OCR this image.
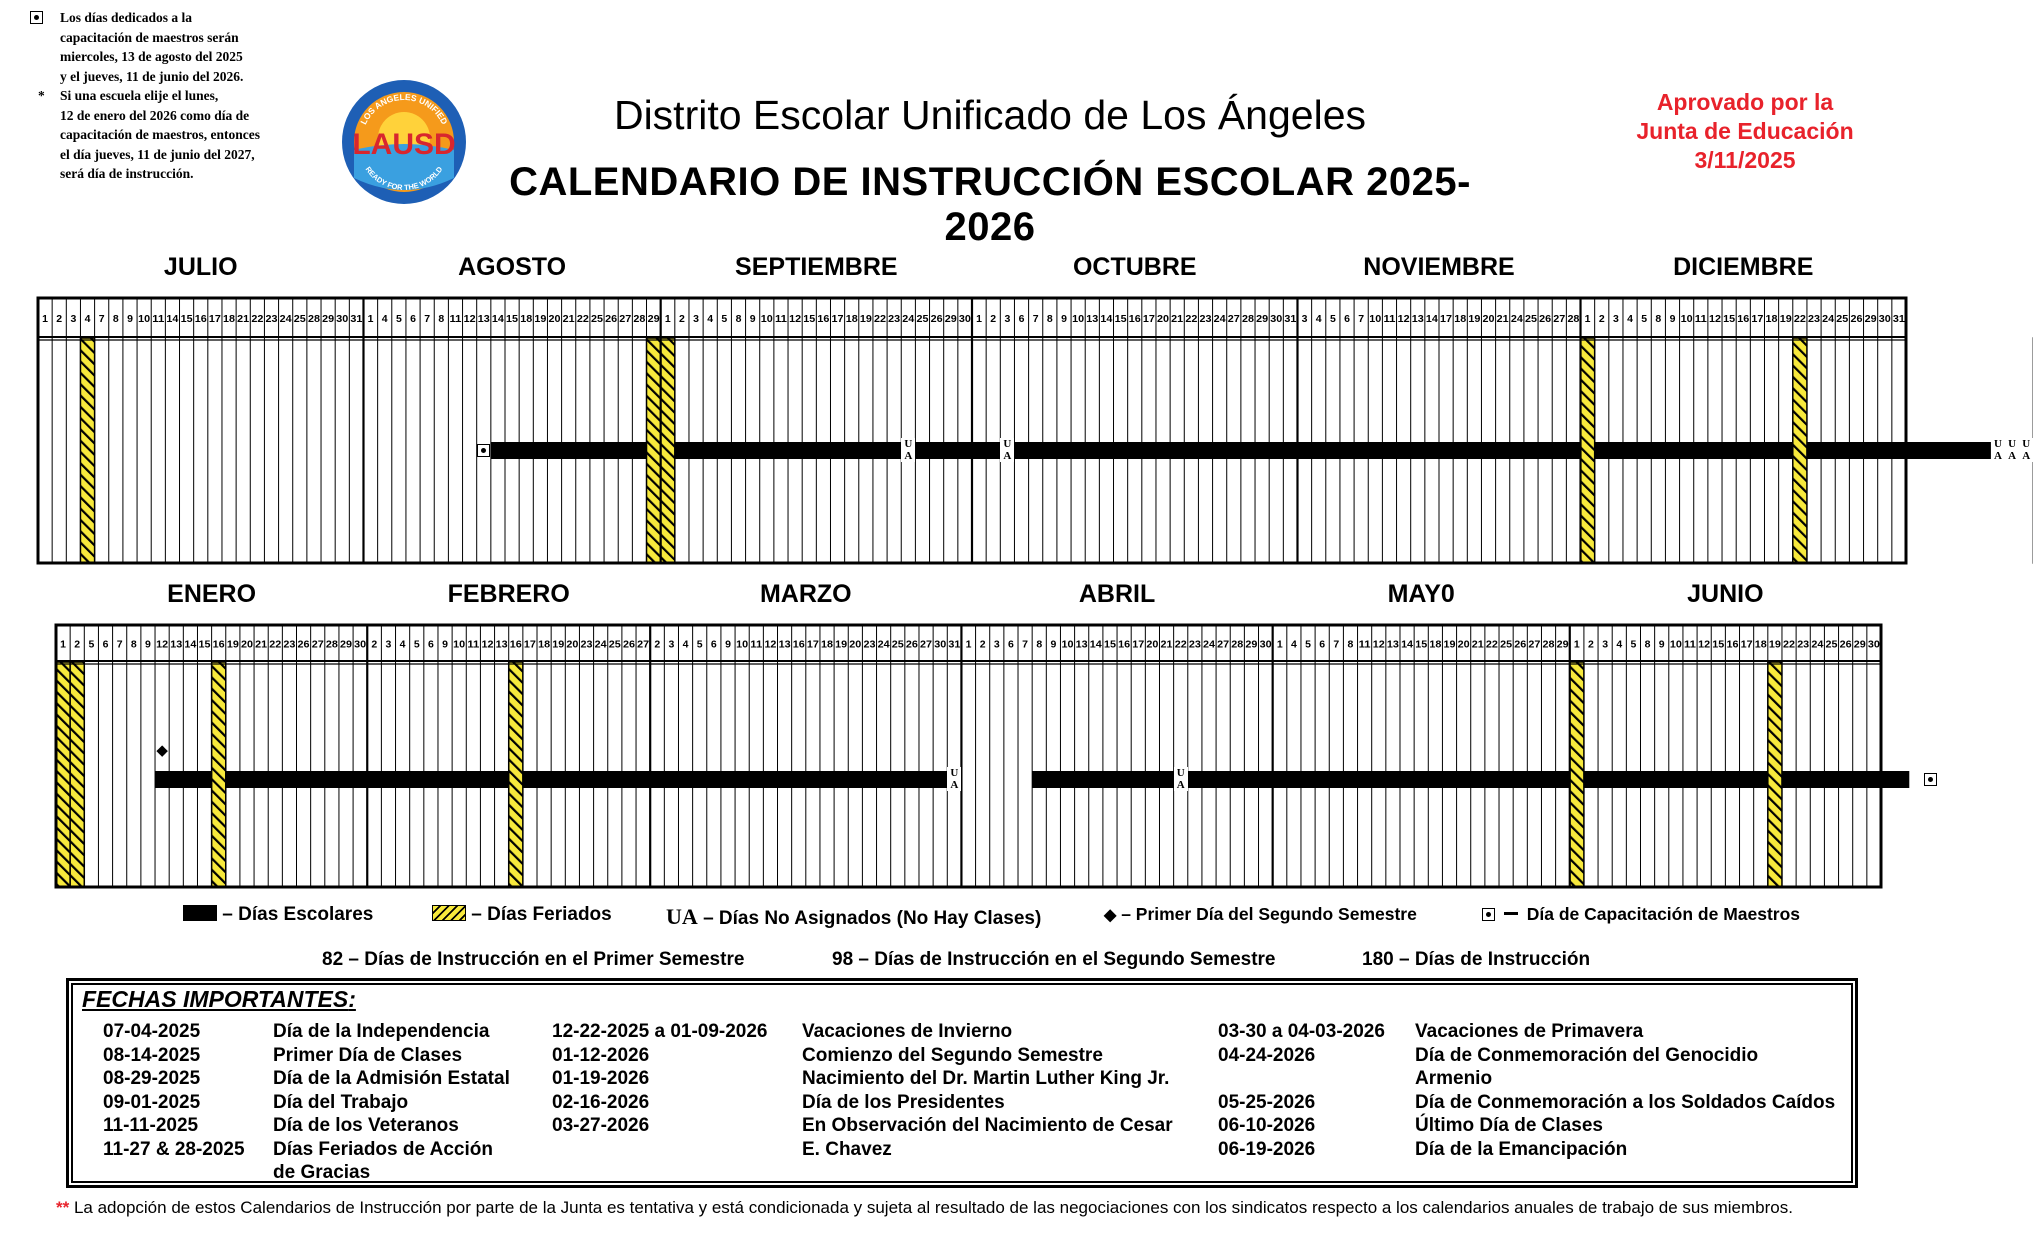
Los días dedicados a la
capacitación de maestros serán
miercoles, 13 de agosto del 2025
y el jueves, 11 de junio del 2026.
* Si una escuela elije el lunes,
12 de enero del 2026 como día de
capacitación de maestros, entonces
el día jueves, 11 de junio del 2027,
será día de instrucción.
LAUSD
LOS ANGELES UNIFIED
READY FOR THE WORLD
Distrito Escolar Unificado de Los Ángeles
CALENDARIO DE INSTRUCCIÓN ESCOLAR 2025-2026
Aprovado por la
Junta de Educación
3/11/2025
JULIO	AGOSTO	SEPTIEMBRE	OCTUBRE	NOVIEMBRE	DICIEMBRE
1 2 3 4 7 8 9 10 11 14 15 16 17 18 21 22 23 24 25 28 29 30 31 1 4 5 6 7 8 11 12 13 14 15 18 19 20 21 22 25 26 27 28 29 1 2 3 4 5 8 9 10 11 12 15 16 17 18 19 22 23 24 25 26 29 30 1 2 3 6 7 8 9 10 13 14 15 16 17 20 21 22 23 24 27 28 29 30 31 3 4 5 6 7 10 11 12 13 14 17 18 19 20 21 24 25 26 27 28 1 2 3 4 5 8 9 10 11 12 15 16 17 18 19 22 23 24 25 26 29 30 31
U
A
U
A
U
A
U
A
U
A
ENERO	FEBRERO	MARZO	ABRIL	MAY0	JUNIO
1 2 5 6 7 8 9 12 13 14 15 16 19 20 21 22 23 26 27 28 29 30 2 3 4 5 6 9 10 11 12 13 16 17 18 19 20 23 24 25 26 27 2 3 4 5 6 9 10 11 12 13 16 17 18 19 20 23 24 25 26 27 30 31 1 2 3 6 7 8 9 10 13 14 15 16 17 20 21 22 23 24 27 28 29 30 1 4 5 6 7 8 11 12 13 14 15 18 19 20 21 22 25 26 27 28 29 1 2 3 4 5 8 9 10 11 12 15 16 17 18 19 22 23 24 25 26 29 30
U
A
U
A
◆
– Días Escolares	– Días Feriados UA – Días No Asignados (No Hay Clases)	◆ – Primer Día del Segundo Semestre	Día de Capacitación de Maestros
82 – Días de Instrucción en el Primer Semestre	98 – Días de Instrucción en el Segundo Semestre	180 – Días de Instrucción
FECHAS IMPORTANTES:
07-04-2025	Día de la Independencia
08-14-2025	Primer Día de Clases
08-29-2025	Día de la Admisión Estatal
09-01-2025	Día del Trabajo
11-11-2025	Día de los Veteranos
11-27 & 28-2025 Días Feriados de Acción
de Gracias
12-22-2025 a 01-09-2026 Vacaciones de Invierno
01-12-2026	Comienzo del Segundo Semestre
01-19-2026	Nacimiento del Dr. Martin Luther King Jr.
02-16-2026	Día de los Presidentes
03-27-2026	En Observación del Nacimiento de Cesar
E. Chavez
03-30 a 04-03-2026 Vacaciones de Primavera
04-24-2026	Día de Conmemoración del Genocidio
Armenio
05-25-2026	Día de Conmemoración a los Soldados Caídos
06-10-2026	Último Día de Clases
06-19-2026	Día de la Emancipación
** La adopción de estos Calendarios de Instrucción por parte de la Junta es tentativa y está condicionada y sujeta al resultado de las negociaciones con los sindicatos respecto a los calendarios anuales de trabajo de sus miembros.
